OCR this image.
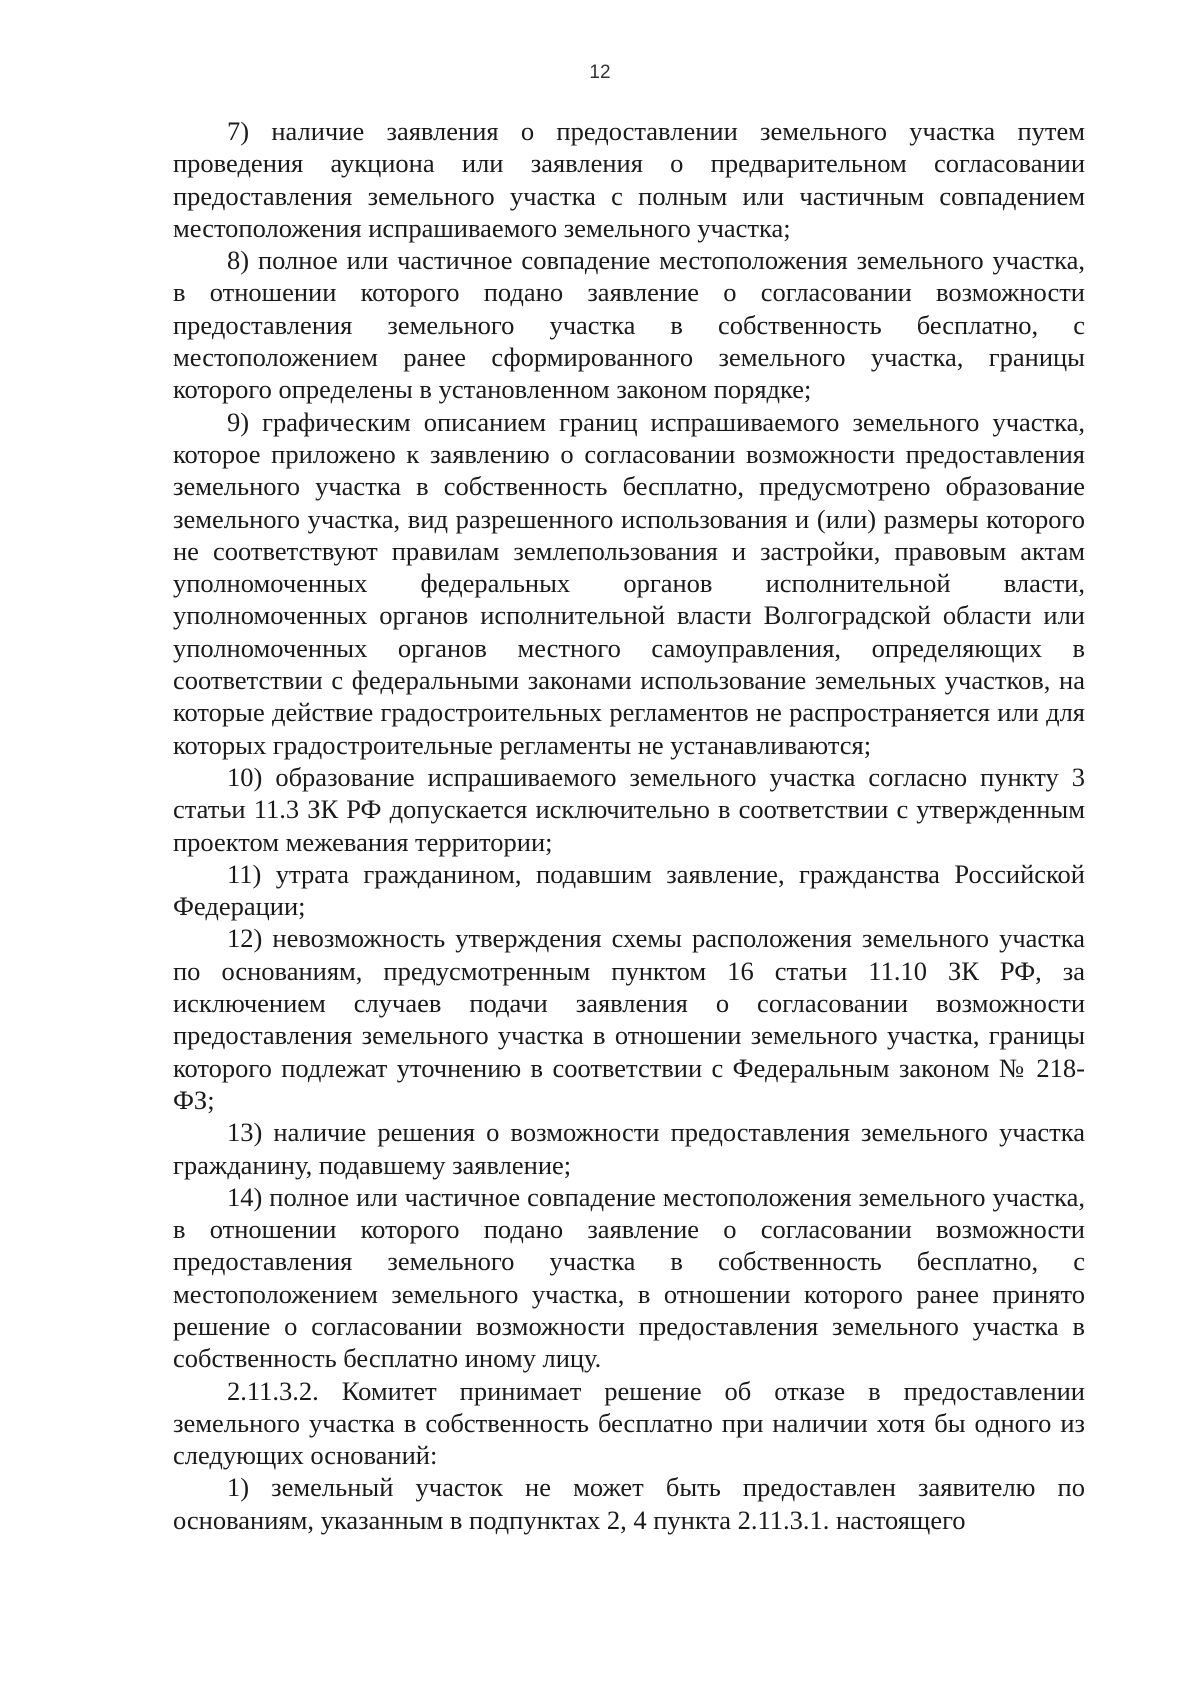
12

7) наличие заявления о предоставлении земельного участка путем проведения аукциона или заявления о предварительном согласовании предоставления земельного участка с полным или частичным совпадением местоположения испрашиваемого земельного участка;

8) полное или частичное совпадение местоположения земельного участка, в отношении которого подано заявление о согласовании возможности предоставления земельного участка в собственность бесплатно, с местоположением ранее сформированного земельного участка, границы которого определены в установленном законом порядке;

9) графическим описанием границ испрашиваемого земельного участка, которое приложено к заявлению о согласовании возможности предоставления земельного участка в собственность бесплатно, предусмотрено образование земельного участка, вид разрешенного использования и (или) размеры которого не соответствуют правилам землепользования и застройки, правовым актам уполномоченных федеральных органов исполнительной власти, уполномоченных органов исполнительной власти Волгоградской области или уполномоченных органов местного самоуправления, определяющих в соответствии с федеральными законами использование земельных участков, на которые действие градостроительных регламентов не распространяется или для которых градостроительные регламенты не устанавливаются;

10) образование испрашиваемого земельного участка согласно пункту 3 статьи 11.3 ЗК РФ допускается исключительно в соответствии с утвержденным проектом межевания территории;

11) утрата гражданином, подавшим заявление, гражданства Российской Федерации;

12) невозможность утверждения схемы расположения земельного участка по основаниям, предусмотренным пунктом 16 статьи 11.10 ЗК РФ, за исключением случаев подачи заявления о согласовании возможности предоставления земельного участка в отношении земельного участка, границы которого подлежат уточнению в соответствии с Федеральным законом № 218-ФЗ;

13) наличие решения о возможности предоставления земельного участка гражданину, подавшему заявление;

14) полное или частичное совпадение местоположения земельного участка, в отношении которого подано заявление о согласовании возможности предоставления земельного участка в собственность бесплатно, с местоположением земельного участка, в отношении которого ранее принято решение о согласовании возможности предоставления земельного участка в собственность бесплатно иному лицу.

2.11.3.2. Комитет принимает решение об отказе в предоставлении земельного участка в собственность бесплатно при наличии хотя бы одного из следующих оснований:

1) земельный участок не может быть предоставлен заявителю по основаниям, указанным в подпунктах 2, 4 пункта 2.11.3.1. настоящего
